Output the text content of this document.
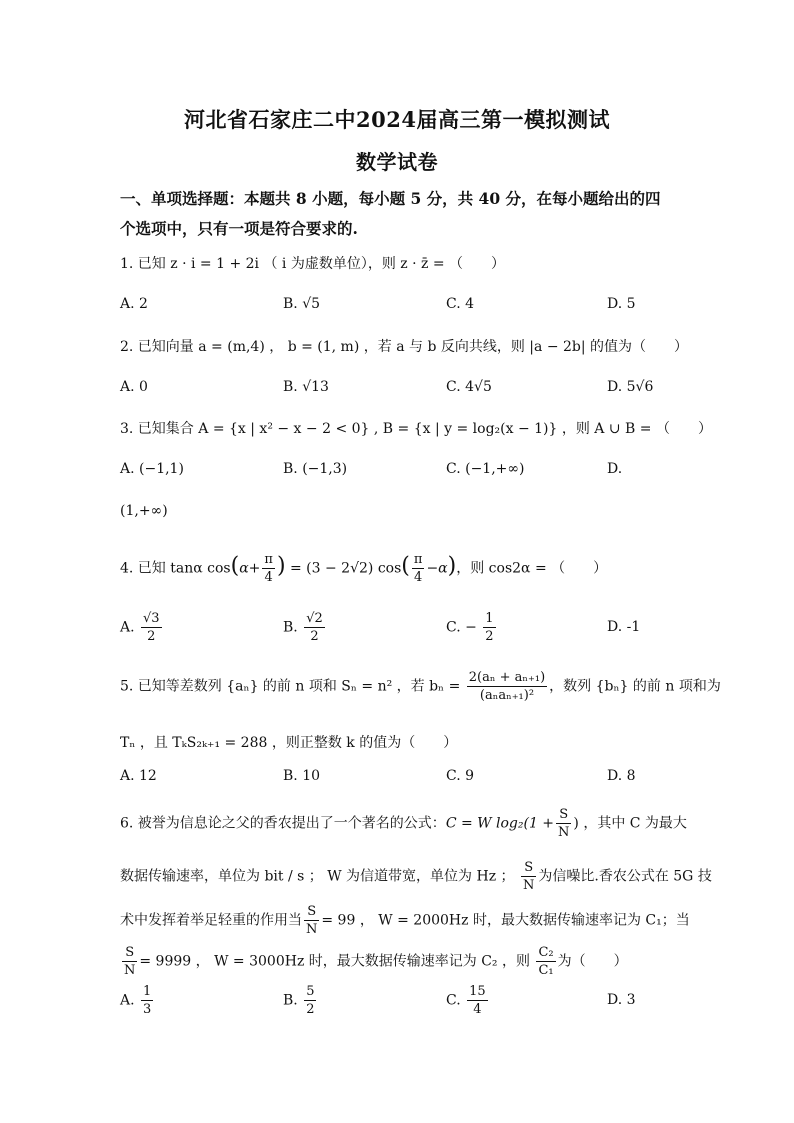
河北省石家庄二中2024届高三第一模拟测试
数学试卷
一、单项选择题：本题共 8 小题，每小题 5 分，共 40 分，在每小题给出的四
个选项中，只有一项是符合要求的.
1. 已知 z · i = 1 + 2i （ i 为虚数单位），则 z · z̄ = （　　）
A. 2	B. √5	C. 4	D. 5
2. 已知向量 a = (m,4) ， b = (1, m) ，若 a 与 b 反向共线，则 |a − 2b| 的值为（　　）
A. 0	B. √13	C. 4√5	D. 5√6
3. 已知集合 A = {x | x² − x − 2 < 0} , B = {x | y = log₂(x − 1)} ，则 A ∪ B = （　　）
A. (−1,1)	B. (−1,3)	C. (−1,+∞)	D.
(1,+∞)
4. 已知 tanα $\cos(\alpha+ \frac{\pi}{4}$ ) = (3 − 2√2) $\cos( \frac{\pi}{4} -\alpha)$，则 cos2α = （　　）
A. $\frac{√3}{2}$	B. $\frac{√2}{2}$	C. − $\frac{1}{2}$	D. -1
5. 已知等差数列 {aₙ} 的前 n 项和 Sₙ = n² ，若 $b_n = \frac{\text{2(aₙ + aₙ₊₁)}}{\text{(aₙaₙ₊₁)²}}$ ，数列 {bₙ} 的前 n 项和为
Tₙ ，且 TₖS₂ₖ₊₁ = 288 ，则正整数 k 的值为（　　）
A. 12	B. 10	C. 9	D. 8
6. 被誉为信息论之父的香农提出了一个著名的公式：C = W $\log_2(1 + \frac{S}{N}$ ) ，其中 C 为最大
数据传输速率，单位为 bit / s ； W 为信道带宽，单位为 Hz ； $\frac{S}{N}$ 为信噪比.香农公式在 5G 技
术中发挥着举足轻重的作用当 $\frac{S}{N} = 99$ ， W = 2000Hz 时，最大数据传输速率记为 C₁；当
$\frac{S}{N} = 9999$ ， W = 3000Hz 时，最大数据传输速率记为 C₂ ，则 $\frac{\text{C₂}}{\text{C₁}}$ 为（　　）
A. $\frac{1}{3}$	B. $\frac{5}{2}$	C. $\frac{15}{4}$	D. 3
